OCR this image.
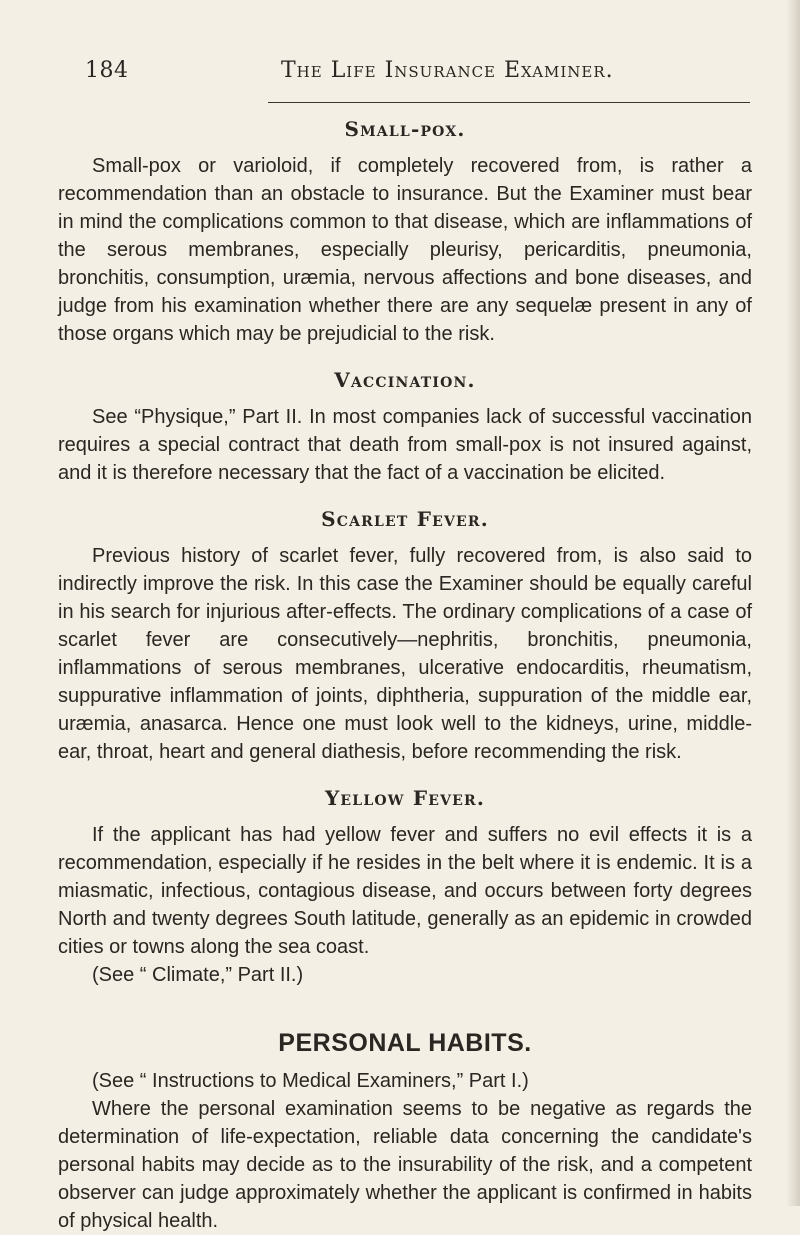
184	The Life Insurance Examiner.
Small-pox.

Small-pox or varioloid, if completely recovered from, is rather a recommendation than an obstacle to insurance. But the Examiner must bear in mind the complications common to that disease, which are inflammations of the serous membranes, especially pleurisy, pericarditis, pneumonia, bronchitis, consumption, uræmia, nervous affections and bone diseases, and judge from his examination whether there are any sequelæ present in any of those organs which may be prejudicial to the risk.

Vaccination.

See “Physique,” Part II. In most companies lack of successful vaccination requires a special contract that death from small-pox is not insured against, and it is therefore necessary that the fact of a vaccination be elicited.

Scarlet Fever.

Previous history of scarlet fever, fully recovered from, is also said to indirectly improve the risk. In this case the Examiner should be equally careful in his search for injurious after-effects. The ordinary complications of a case of scarlet fever are consecutively—nephritis, bronchitis, pneumonia, inflammations of serous membranes, ulcerative endocarditis, rheumatism, suppurative inflammation of joints, diphtheria, suppuration of the middle ear, uræmia, anasarca. Hence one must look well to the kidneys, urine, middle-ear, throat, heart and general diathesis, before recommending the risk.

Yellow Fever.

If the applicant has had yellow fever and suffers no evil effects it is a recommendation, especially if he resides in the belt where it is endemic. It is a miasmatic, infectious, contagious disease, and occurs between forty degrees North and twenty degrees South latitude, generally as an epidemic in crowded cities or towns along the sea coast.

(See “ Climate,” Part II.)

PERSONAL HABITS.

(See “ Instructions to Medical Examiners,” Part I.)

Where the personal examination seems to be negative as regards the determination of life-expectation, reliable data concerning the candidate's personal habits may decide as to the insurability of the risk, and a competent observer can judge approximately whether the applicant is confirmed in habits of physical health.
